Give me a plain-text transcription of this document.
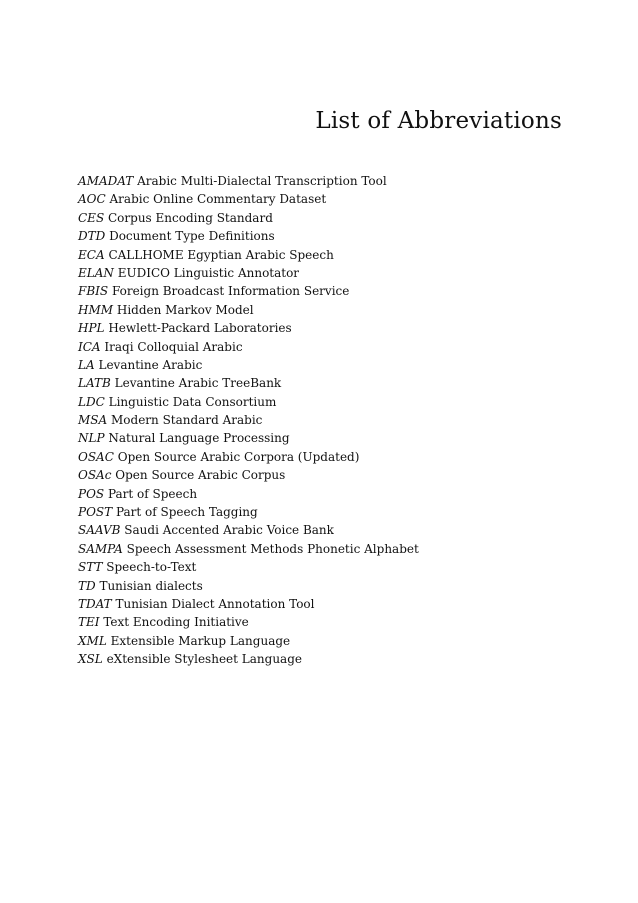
List of Abbreviations
AMADAT Arabic Multi-Dialectal Transcription Tool
AOC Arabic Online Commentary Dataset
CES Corpus Encoding Standard
DTD Document Type Definitions
ECA CALLHOME Egyptian Arabic Speech
ELAN EUDICO Linguistic Annotator
FBIS Foreign Broadcast Information Service
HMM Hidden Markov Model
HPL Hewlett-Packard Laboratories
ICA Iraqi Colloquial Arabic
LA Levantine Arabic
LATB Levantine Arabic TreeBank
LDC Linguistic Data Consortium
MSA Modern Standard Arabic
NLP Natural Language Processing
OSAC Open Source Arabic Corpora (Updated)
OSAc Open Source Arabic Corpus
POS Part of Speech
POST Part of Speech Tagging
SAAVB Saudi Accented Arabic Voice Bank
SAMPA Speech Assessment Methods Phonetic Alphabet
STT Speech-to-Text
TD Tunisian dialects
TDAT Tunisian Dialect Annotation Tool
TEI Text Encoding Initiative
XML Extensible Markup Language
XSL eXtensible Stylesheet Language
